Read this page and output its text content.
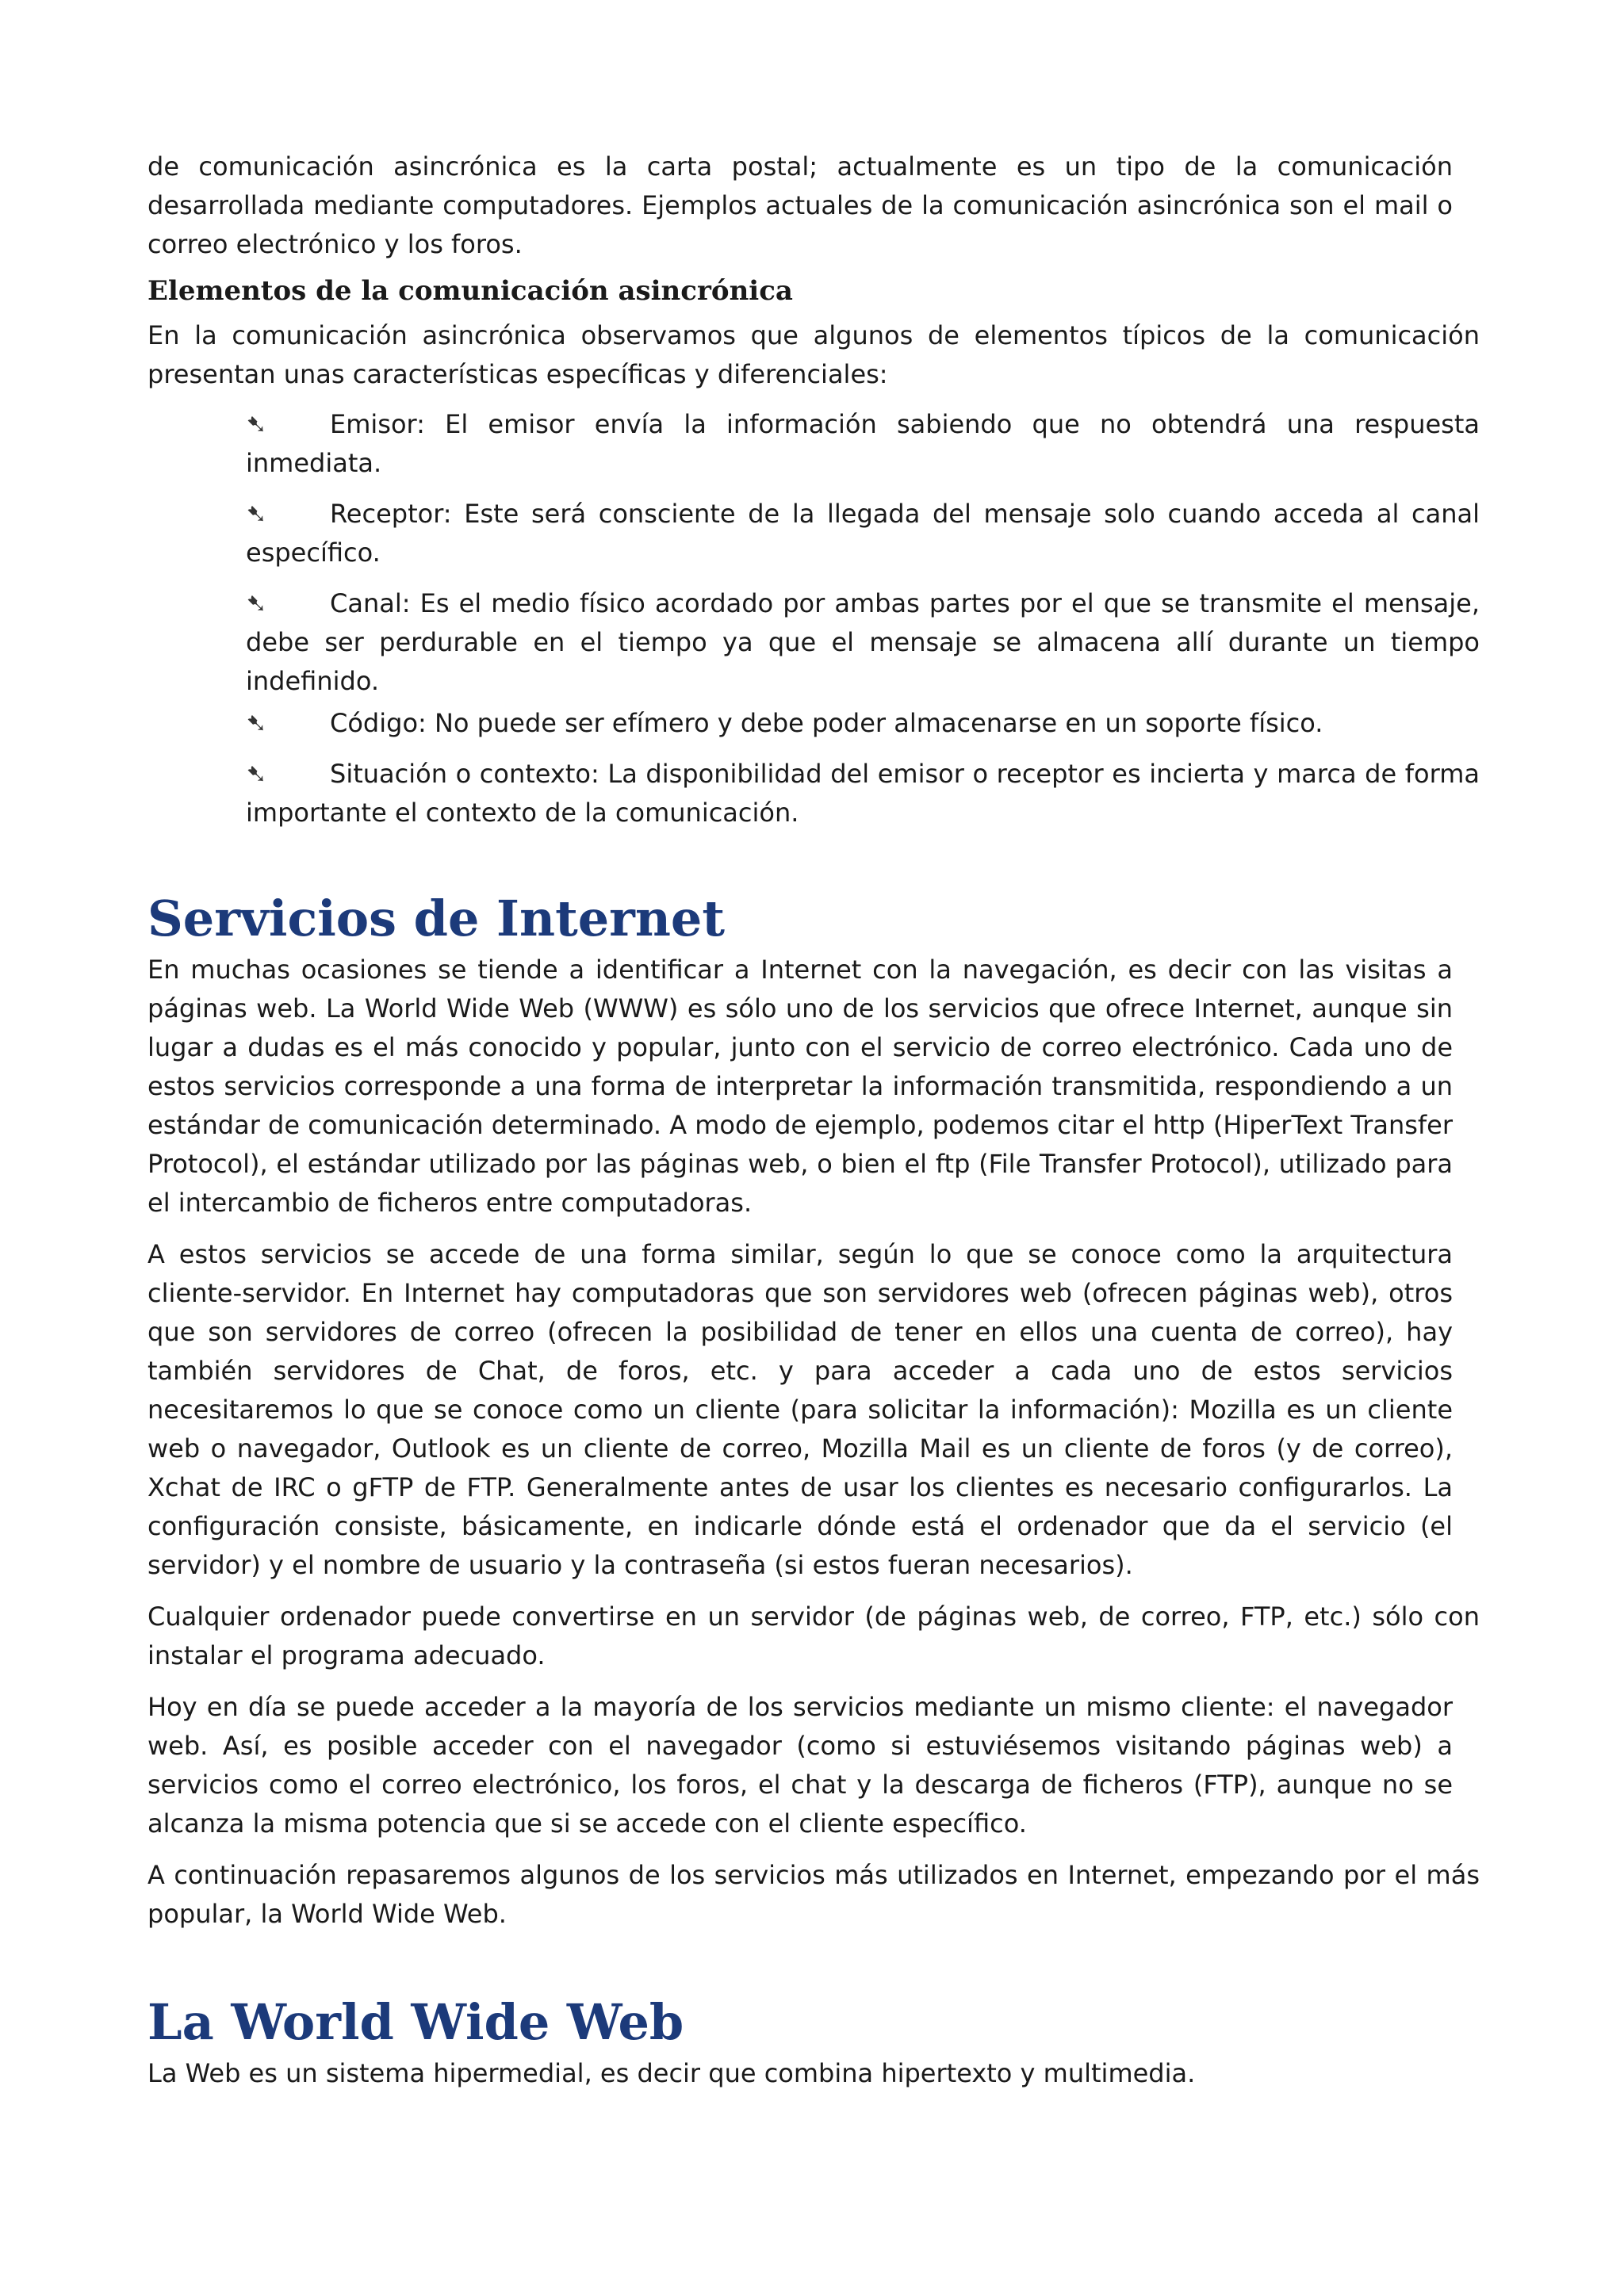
de comunicación asincrónica es la carta postal; actualmente es un tipo de la comunicación desarrollada mediante computadores. Ejemplos actuales de la comunicación asincrónica son el mail o correo electrónico y los foros.

Elementos de la comunicación asincrónica

En la comunicación asincrónica observamos que algunos de elementos típicos de la comunicación presentan unas características específicas y diferenciales:

➷ Emisor: El emisor envía la información sabiendo que no obtendrá una respuesta inmediata.
➷ Receptor: Este será consciente de la llegada del mensaje solo cuando acceda al canal específico.
➷ Canal: Es el medio físico acordado por ambas partes por el que se transmite el mensaje, debe ser perdurable en el tiempo ya que el mensaje se almacena allí durante un tiempo indefinido.
➷ Código: No puede ser efímero y debe poder almacenarse en un soporte físico.
➷ Situación o contexto: La disponibilidad del emisor o receptor es incierta y marca de forma importante el contexto de la comunicación.
Servicios de Internet

En muchas ocasiones se tiende a identificar a Internet con la navegación, es decir con las visitas a páginas web. La World Wide Web (WWW) es sólo uno de los servicios que ofrece Internet, aunque sin lugar a dudas es el más conocido y popular, junto con el servicio de correo electrónico. Cada uno de estos servicios corresponde a una forma de interpretar la información transmitida, respondiendo a un estándar de comunicación determinado. A modo de ejemplo, podemos citar el http (HiperText Transfer Protocol), el estándar utilizado por las páginas web, o bien el ftp (File Transfer Protocol), utilizado para el intercambio de ficheros entre computadoras.

A estos servicios se accede de una forma similar, según lo que se conoce como la arquitectura cliente-servidor. En Internet hay computadoras que son servidores web (ofrecen páginas web), otros que son servidores de correo (ofrecen la posibilidad de tener en ellos una cuenta de correo), hay también servidores de Chat, de foros, etc. y para acceder a cada uno de estos servicios necesitaremos lo que se conoce como un cliente (para solicitar la información): Mozilla es un cliente web o navegador, Outlook es un cliente de correo, Mozilla Mail es un cliente de foros (y de correo), Xchat de IRC o gFTP de FTP. Generalmente antes de usar los clientes es necesario configurarlos. La configuración consiste, básicamente, en indicarle dónde está el ordenador que da el servicio (el servidor) y el nombre de usuario y la contraseña (si estos fueran necesarios).

Cualquier ordenador puede convertirse en un servidor (de páginas web, de correo, FTP, etc.) sólo con instalar el programa adecuado.

Hoy en día se puede acceder a la mayoría de los servicios mediante un mismo cliente: el navegador web. Así, es posible acceder con el navegador (como si estuviésemos visitando páginas web) a servicios como el correo electrónico, los foros, el chat y la descarga de ficheros (FTP), aunque no se alcanza la misma potencia que si se accede con el cliente específico.

A continuación repasaremos algunos de los servicios más utilizados en Internet, empezando por el más popular, la World Wide Web.

La World Wide Web

La Web es un sistema hipermedial, es decir que combina hipertexto y multimedia.
